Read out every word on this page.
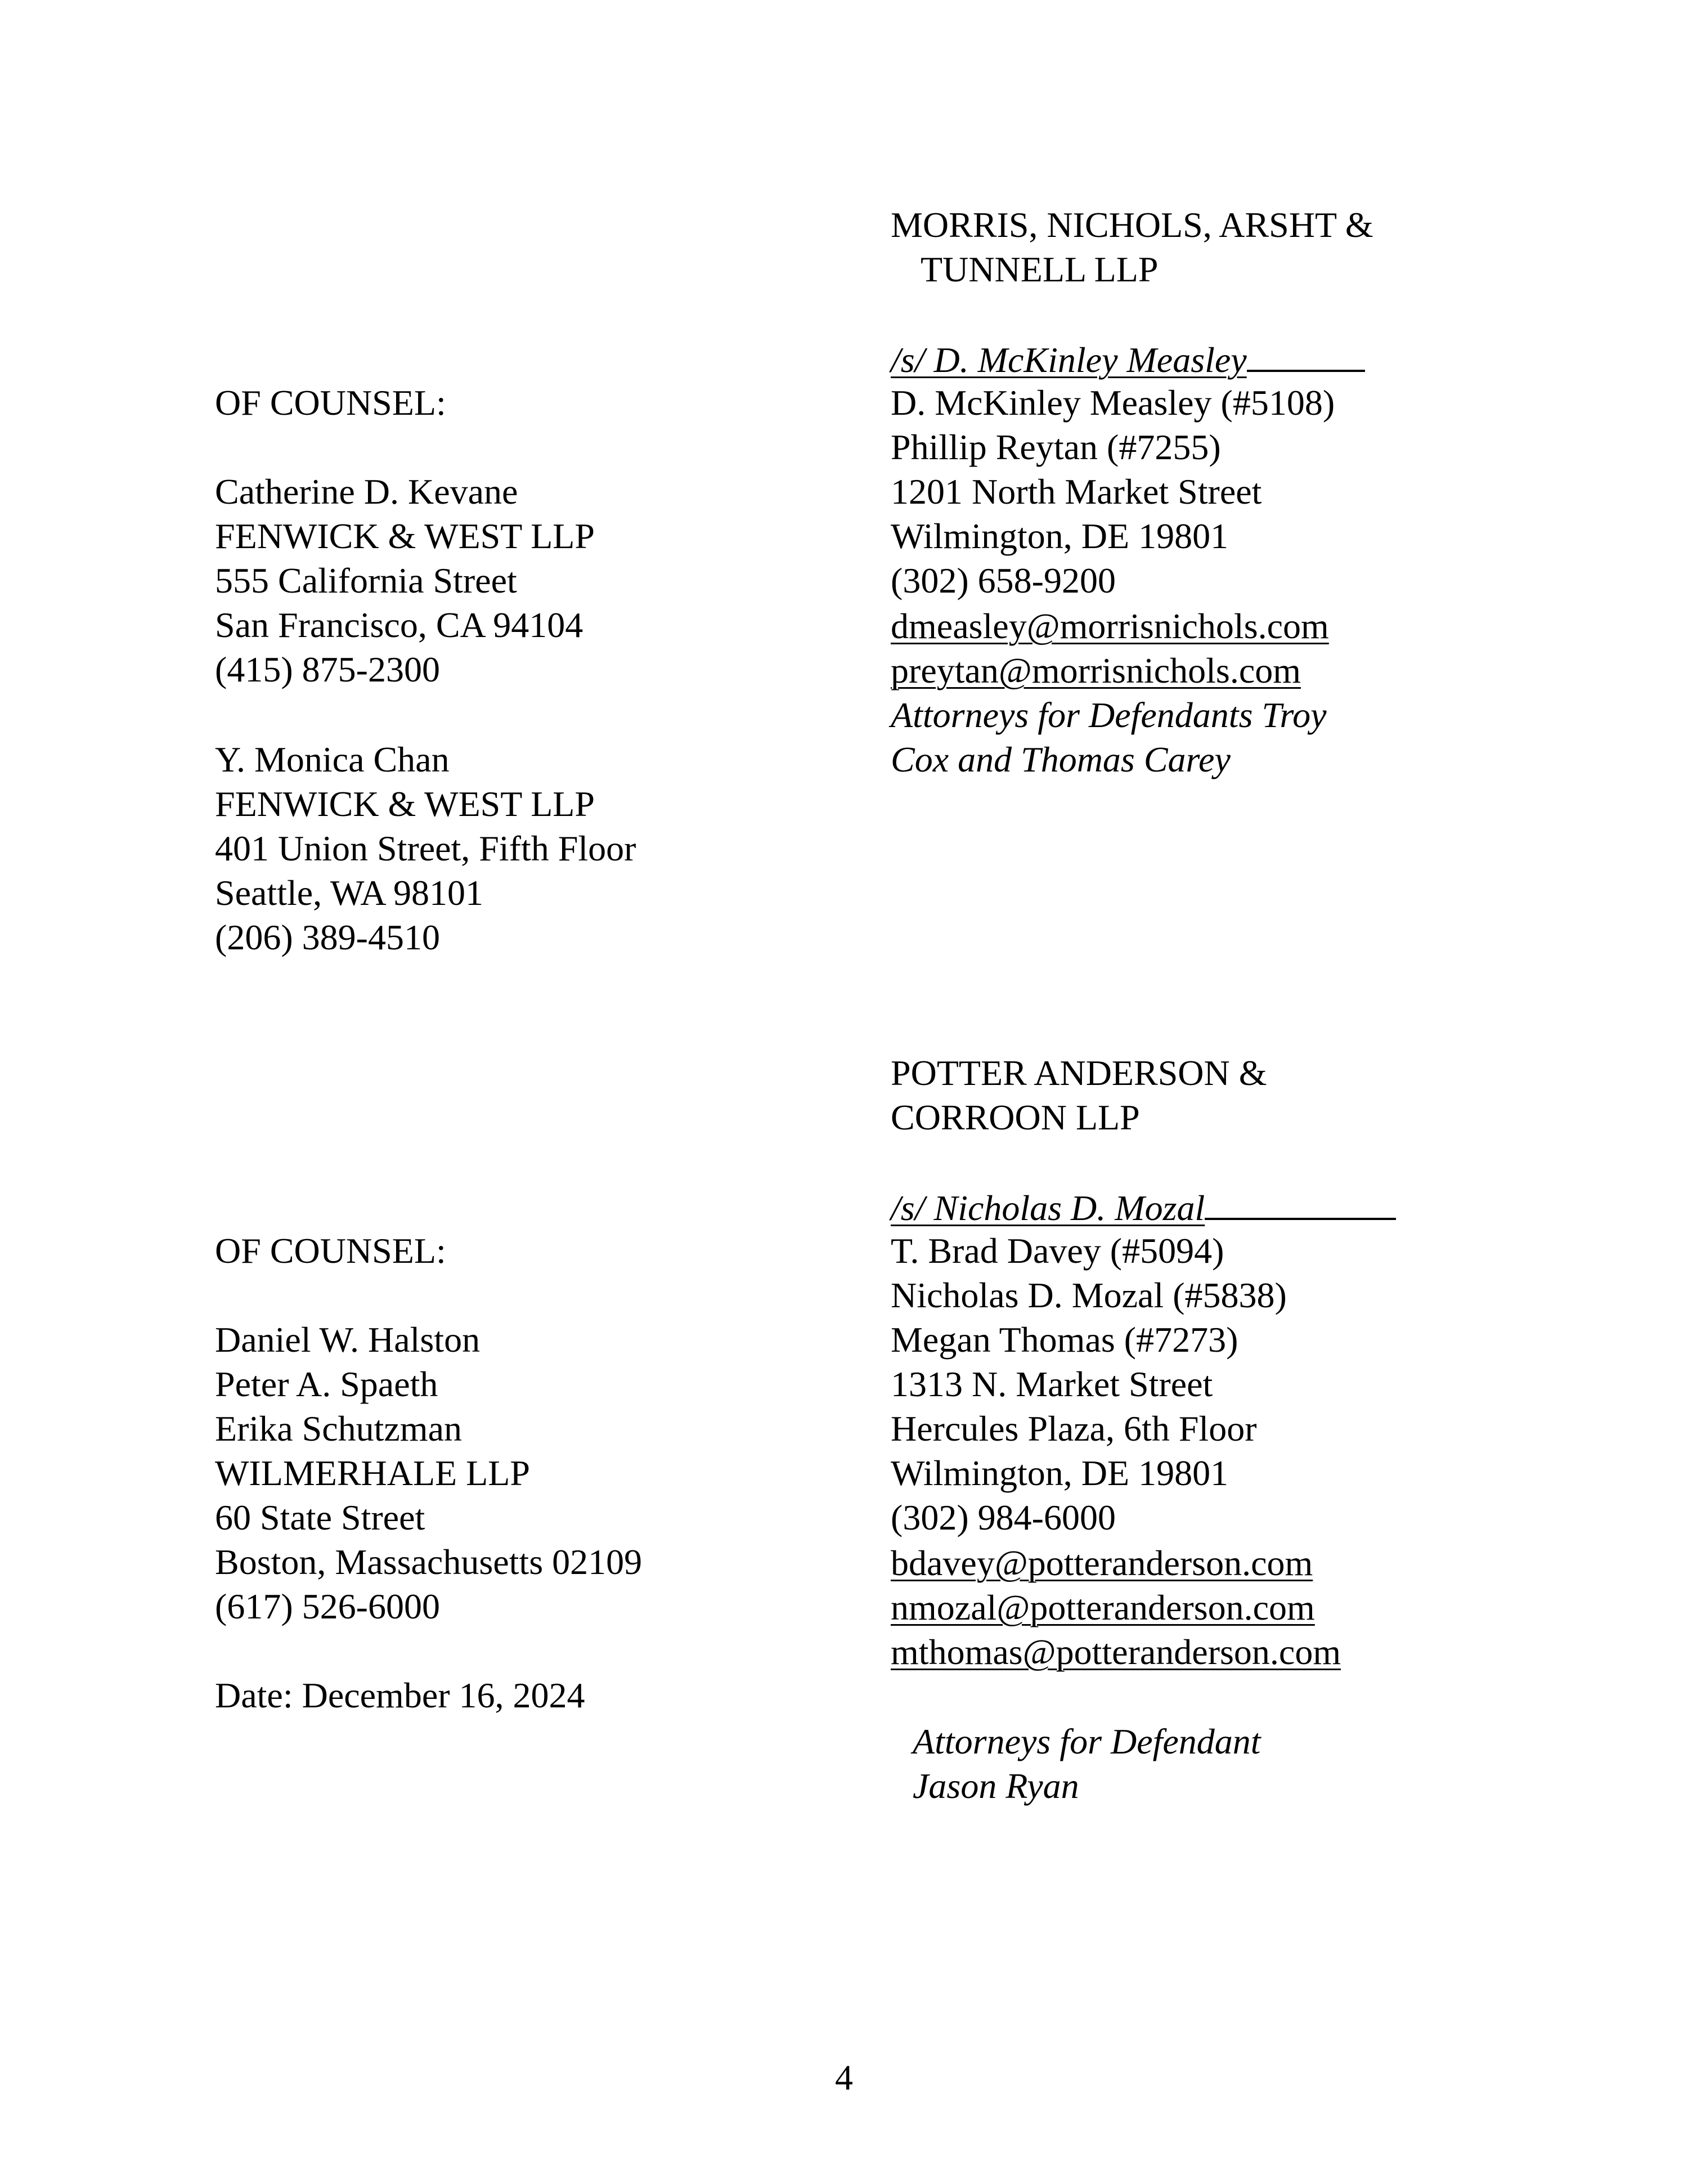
MORRIS, NICHOLS, ARSHT &
TUNNELL LLP
/s/ D. McKinley Measley
D. McKinley Measley (#5108)
Phillip Reytan (#7255)
1201 North Market Street
Wilmington, DE 19801
(302) 658-9200
dmeasley@morrisnichols.com
preytan@morrisnichols.com
Attorneys for Defendants Troy
Cox and Thomas Carey
OF COUNSEL:
Catherine D. Kevane
FENWICK & WEST LLP
555 California Street
San Francisco, CA 94104
(415) 875-2300
Y. Monica Chan
FENWICK & WEST LLP
401 Union Street, Fifth Floor
Seattle, WA 98101
(206) 389-4510
POTTER ANDERSON &
CORROON LLP
/s/ Nicholas D. Mozal
T. Brad Davey (#5094)
Nicholas D. Mozal (#5838)
Megan Thomas (#7273)
1313 N. Market Street
Hercules Plaza, 6th Floor
Wilmington, DE 19801
(302) 984-6000
bdavey@potteranderson.com
nmozal@potteranderson.com
mthomas@potteranderson.com
Attorneys for Defendant
Jason Ryan
OF COUNSEL:
Daniel W. Halston
Peter A. Spaeth
Erika Schutzman
WILMERHALE LLP
60 State Street
Boston, Massachusetts 02109
(617) 526-6000
Date: December 16, 2024
4
